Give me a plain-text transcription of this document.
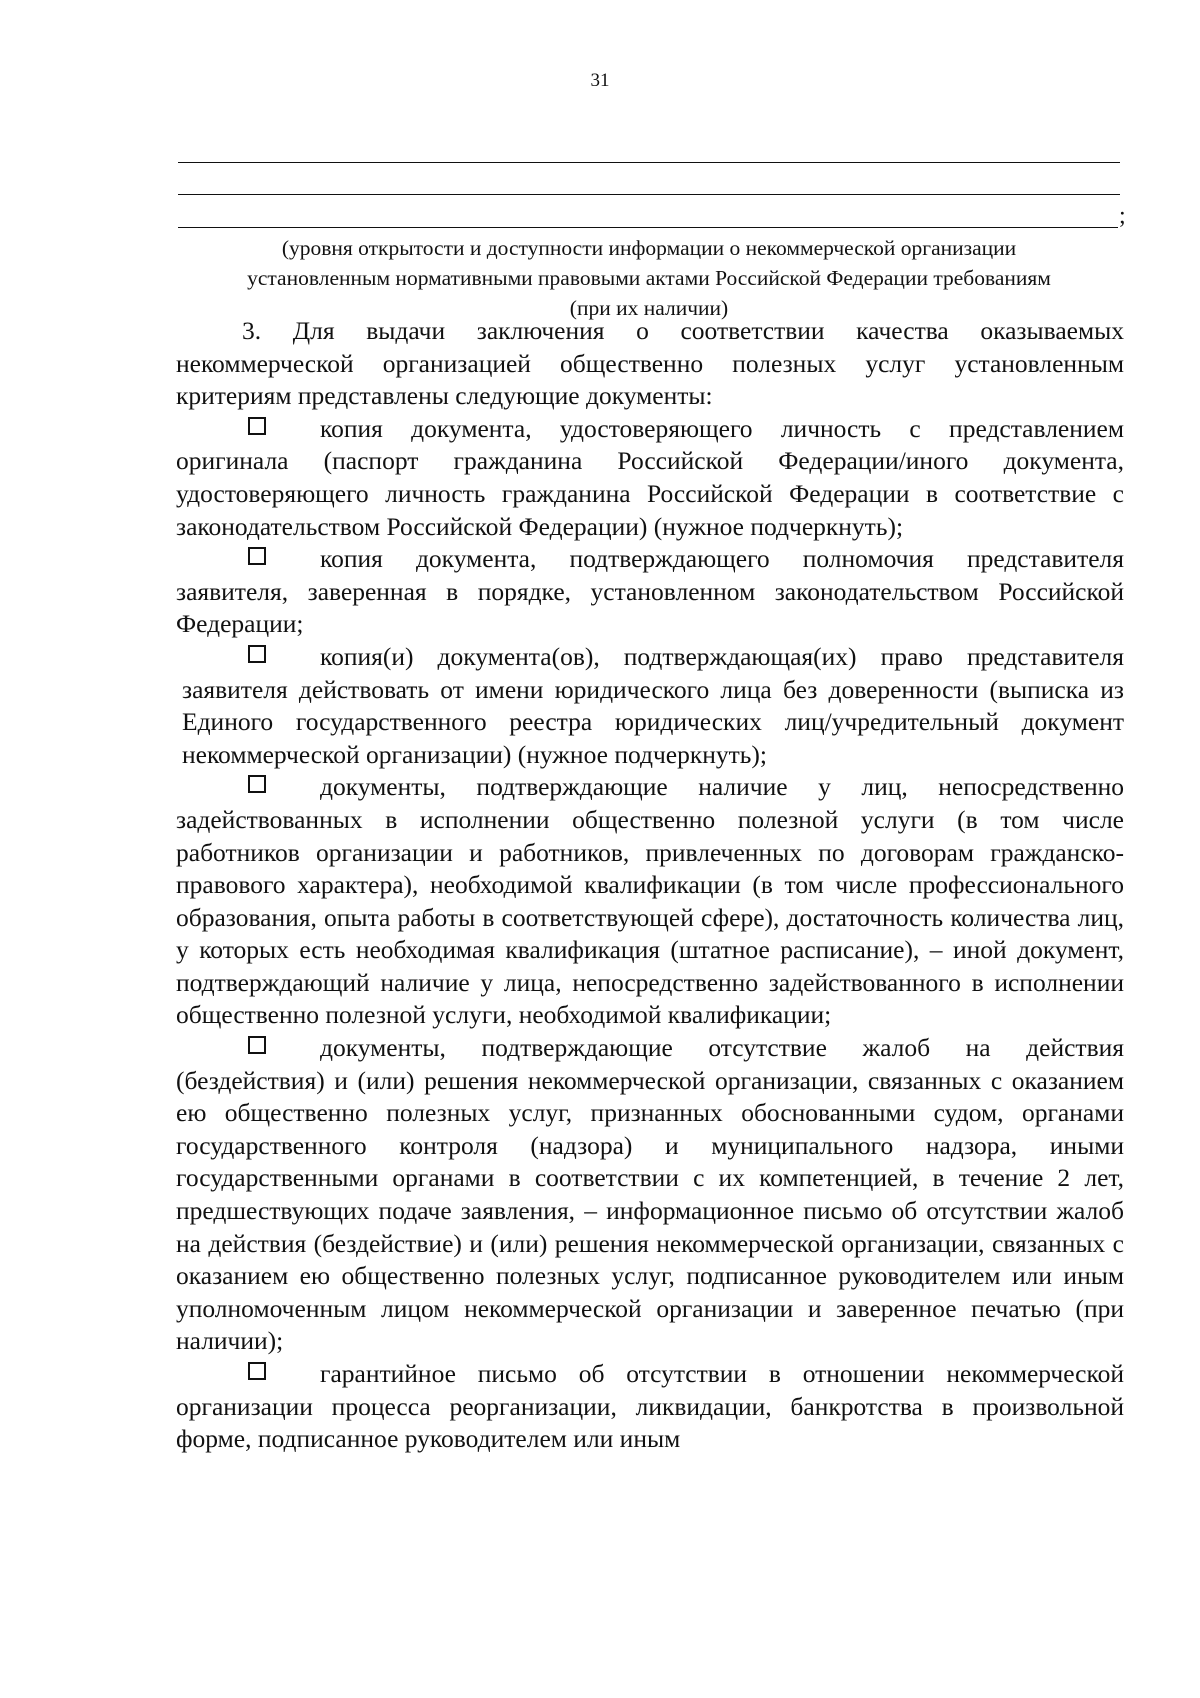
31
;
(уровня открытости и доступности информации о некоммерческой организации
установленным нормативными правовыми актами Российской Федерации требованиям
(при их наличии)

3. Для выдачи заключения о соответствии качества оказываемых некоммерческой организацией общественно полезных услуг установленным критериям представлены следующие документы:

копия документа, удостоверяющего личность с представлением оригинала (паспорт гражданина Российской Федерации/иного документа, удостоверяющего личность гражданина Российской Федерации в соответствие с законодательством Российской Федерации) (нужное подчеркнуть);

копия документа, подтверждающего полномочия представителя заявителя, заверенная в порядке, установленном законодательством Российской Федерации;

копия(и) документа(ов), подтверждающая(их) право представителя заявителя действовать от имени юридического лица без доверенности (выписка из Единого государственного реестра юридических лиц/учредительный документ некоммерческой организации) (нужное подчеркнуть);

документы, подтверждающие наличие у лиц, непосредственно задействованных в исполнении общественно полезной услуги (в том числе работников организации и работников, привлеченных по договорам гражданско-правового характера), необходимой квалификации (в том числе профессионального образования, опыта работы в соответствующей сфере), достаточность количества лиц, у которых есть необходимая квалификация (штатное расписание), – иной документ, подтверждающий наличие у лица, непосредственно задействованного в исполнении общественно полезной услуги, необходимой квалификации;

документы, подтверждающие отсутствие жалоб на действия (бездействия) и (или) решения некоммерческой организации, связанных с оказанием ею общественно полезных услуг, признанных обоснованными судом, органами государственного контроля (надзора) и муниципального надзора, иными государственными органами в соответствии с их компетенцией, в течение 2 лет, предшествующих подаче заявления, – информационное письмо об отсутствии жалоб на действия (бездействие) и (или) решения некоммерческой организации, связанных с оказанием ею общественно полезных услуг, подписанное руководителем или иным уполномоченным лицом некоммерческой организации и заверенное печатью (при наличии);

гарантийное письмо об отсутствии в отношении некоммерческой организации процесса реорганизации, ликвидации, банкротства в произвольной форме, подписанное руководителем или иным
